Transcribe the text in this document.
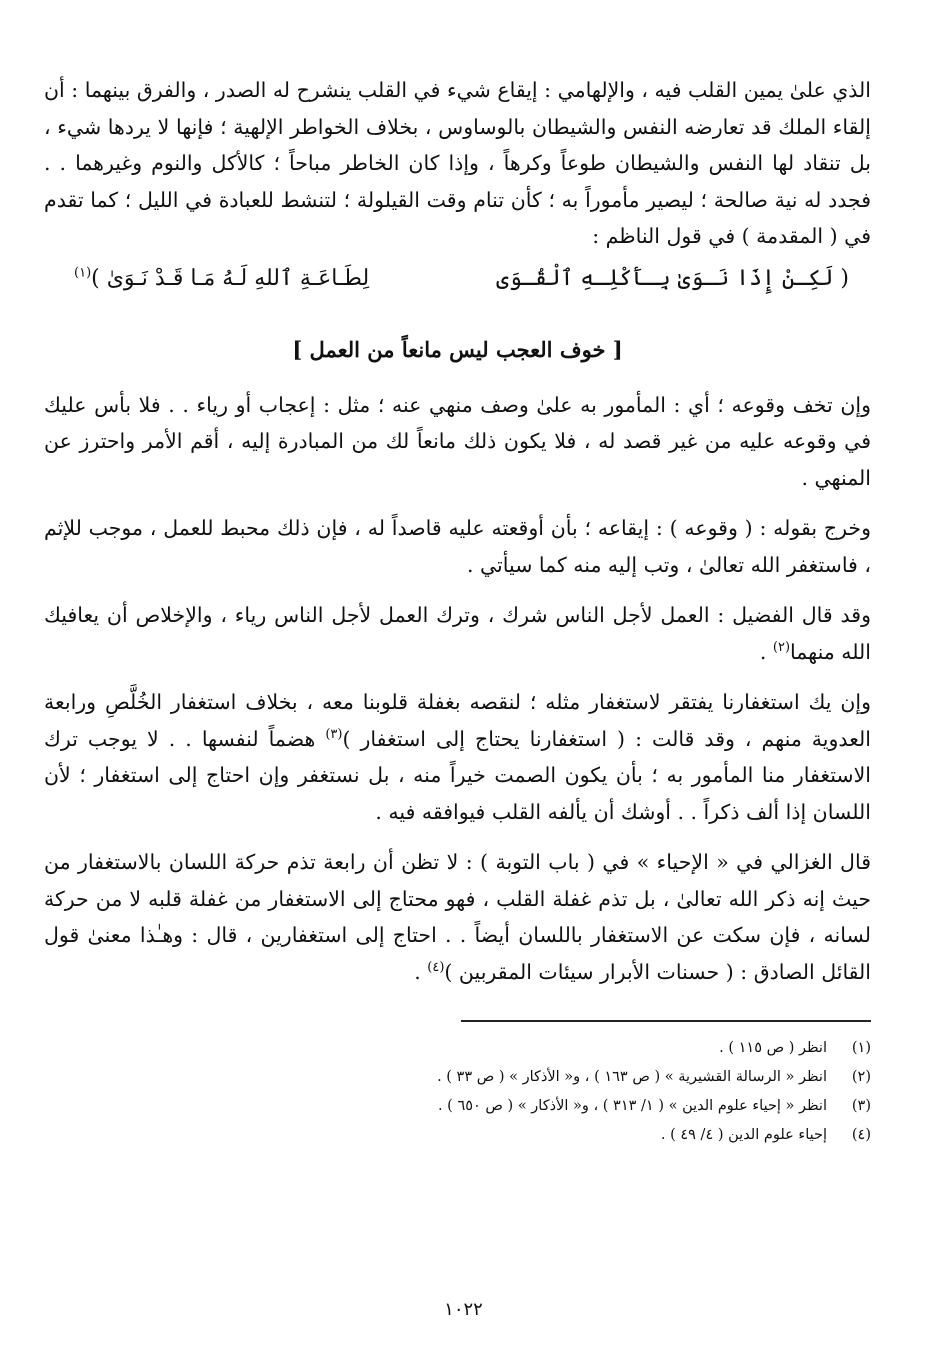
الذي علىٰ يمين القلب فيه ، والإلهامي : إيقاع شيء في القلب ينشرح له الصدر ، والفرق بينهما : أن إلقاء الملك قد تعارضه النفس والشيطان بالوساوس ، بخلاف الخواطر الإلهية ؛ فإنها لا يردها شيء ، بل تنقاد لها النفس والشيطان طوعاً وكرهاً ، وإذا كان الخاطر مباحاً ؛ كالأكل والنوم وغيرهما . . فجدد له نية صالحة ؛ ليصير مأموراً به ؛ كأن تنام وقت القيلولة ؛ لتنشط للعبادة في الليل ؛ كما تقدم في ( المقدمة ) في قول الناظم :

( لَكِـنْ إِذَا نَـوَىٰ بِـأَكْلِـهِ ٱلْقُـوَى
لِطَـاعَـةِ ٱللهِ لَـهُ مَـا قَـدْ نَـوَىٰ )$^{(١)}$
[ خوف العجب ليس مانعاً من العمل ]

وإن تخف وقوعه ؛ أي : المأمور به علىٰ وصف منهي عنه ؛ مثل : إعجاب أو رياء . . فلا بأس عليك في وقوعه عليه من غير قصد له ، فلا يكون ذلك مانعاً لك من المبادرة إليه ، أقم الأمر واحترز عن المنهي .

وخرج بقوله : ( وقوعه ) : إيقاعه ؛ بأن أوقعته عليه قاصداً له ، فإن ذلك محبط للعمل ، موجب للإثم ، فاستغفر الله تعالىٰ ، وتب إليه منه كما سيأتي .

وقد قال الفضيل : العمل لأجل الناس شرك ، وترك العمل لأجل الناس رياء ، والإخلاص أن يعافيك الله منهما$^{(٢)}$ .

وإن يك استغفارنا يفتقر لاستغفار مثله ؛ لنقصه بغفلة قلوبنا معه ، بخلاف استغفار الخُلَّصِ ورابعة العدوية منهم ، وقد قالت : ( استغفارنا يحتاج إلى استغفار )$^{(٣)}$ هضماً لنفسها . . لا يوجب ترك الاستغفار منا المأمور به ؛ بأن يكون الصمت خيراً منه ، بل نستغفر وإن احتاج إلى استغفار ؛ لأن اللسان إذا ألف ذكراً . . أوشك أن يألفه القلب فيوافقه فيه .

قال الغزالي في « الإحياء » في ( باب التوبة ) : لا تظن أن رابعة تذم حركة اللسان بالاستغفار من حيث إنه ذكر الله تعالىٰ ، بل تذم غفلة القلب ، فهو محتاج إلى الاستغفار من غفلة قلبه لا من حركة لسانه ، فإن سكت عن الاستغفار باللسان أيضاً . . احتاج إلى استغفارين ، قال : وهـٰذا معنىٰ قول القائل الصادق : ( حسنات الأبرار سيئات المقربين )$^{(٤)}$ .

(١)
انظر ( ص ١١٥ ) .
(٢)
انظر « الرسالة القشيرية » ( ص ١٦٣ ) ، و« الأذكار » ( ص ٣٣ ) .
(٣)
انظر « إحياء علوم الدين » ( ١/ ٣١٣ ) ، و« الأذكار » ( ص ٦٥٠ ) .
(٤)
إحياء علوم الدين ( ٤/ ٤٩ ) .
١٠٢٢
